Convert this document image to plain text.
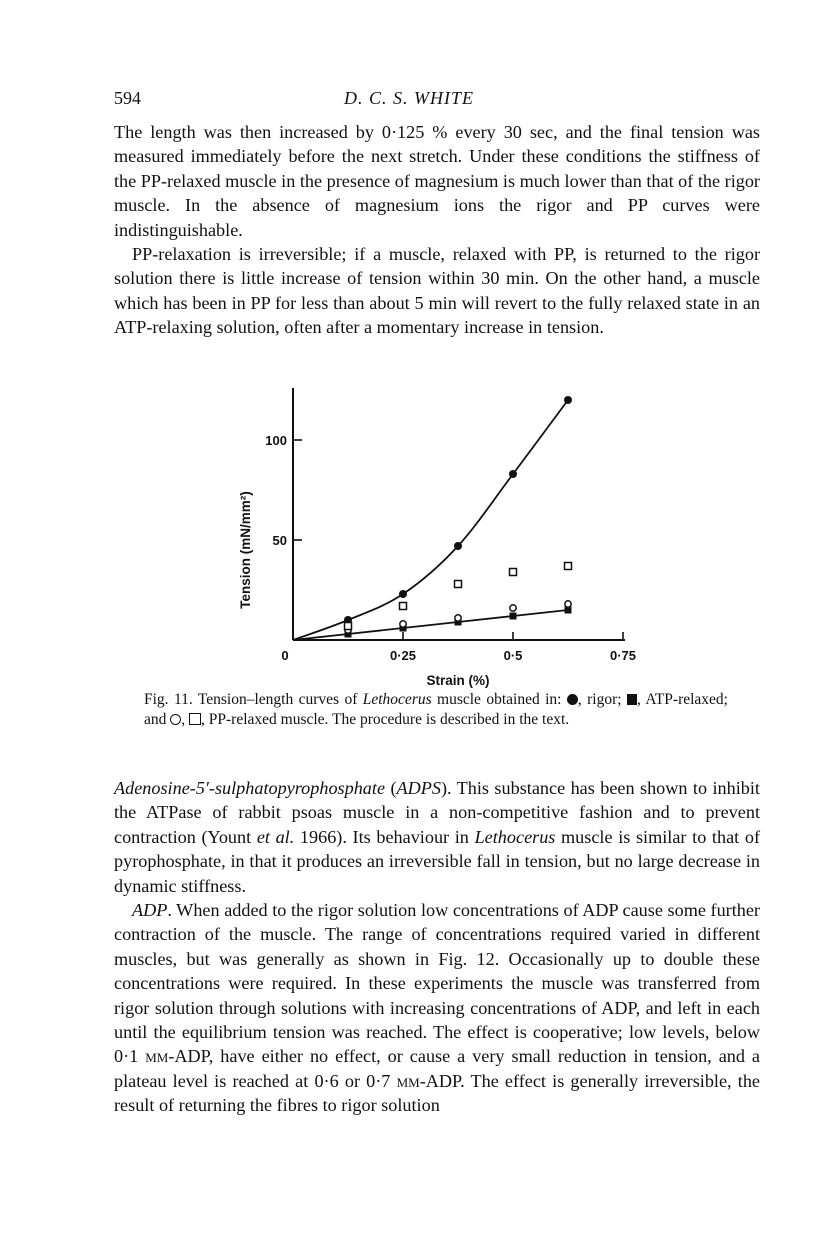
594	D. C. S. WHITE
The length was then increased by 0·125 % every 30 sec, and the final tension was measured immediately before the next stretch. Under these conditions the stiffness of the PP-relaxed muscle in the presence of magnesium is much lower than that of the rigor muscle. In the absence of magnesium ions the rigor and PP curves were indistinguishable.
PP-relaxation is irreversible; if a muscle, relaxed with PP, is returned to the rigor solution there is little increase of tension within 30 min. On the other hand, a muscle which has been in PP for less than about 5 min will revert to the fully relaxed state in an ATP-relaxing solution, often after a momentary increase in tension.
0	0·25	0·5	0·75
50
100
Strain (%)
Tension (mN/mm²)
Fig. 11. Tension–length curves of Lethocerus muscle obtained in: , rigor; , ATP-relaxed; and , , PP-relaxed muscle. The procedure is described in the text.
Adenosine-5′-sulphatopyrophosphate (ADPS). This substance has been shown to inhibit the ATPase of rabbit psoas muscle in a non-competitive fashion and to prevent contraction (Yount et al. 1966). Its behaviour in Lethocerus muscle is similar to that of pyrophosphate, in that it produces an irreversible fall in tension, but no large decrease in dynamic stiffness.
ADP. When added to the rigor solution low concentrations of ADP cause some further contraction of the muscle. The range of concentrations required varied in different muscles, but was generally as shown in Fig. 12. Occasionally up to double these concentrations were required. In these experiments the muscle was transferred from rigor solution through solutions with increasing concentrations of ADP, and left in each until the equilibrium tension was reached. The effect is cooperative; low levels, below 0·1 mm-ADP, have either no effect, or cause a very small reduction in tension, and a plateau level is reached at 0·6 or 0·7 mm-ADP. The effect is generally irreversible, the result of returning the fibres to rigor solution
